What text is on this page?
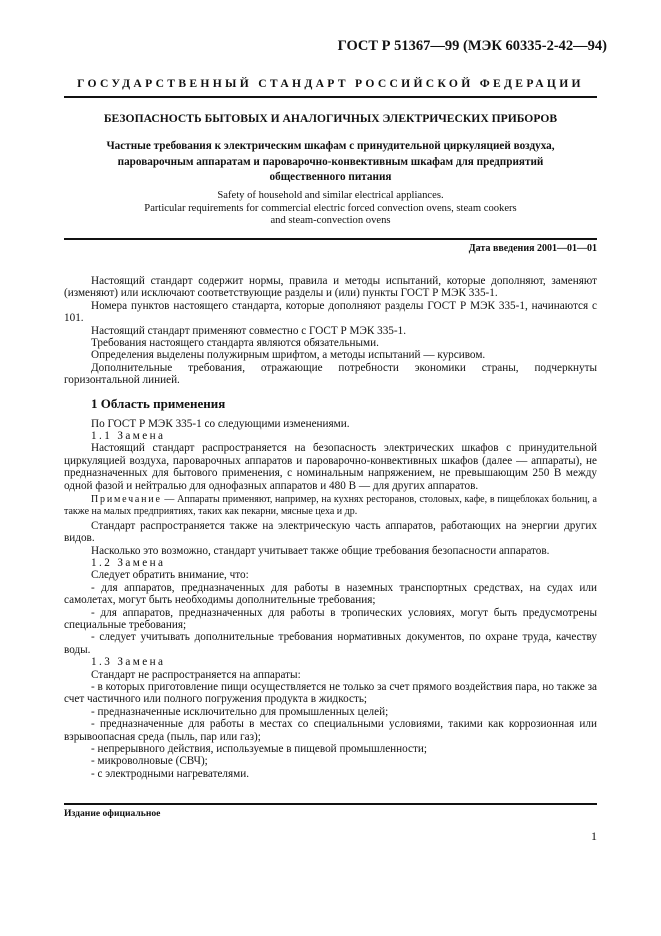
ГОСТ Р 51367—99 (МЭК 60335-2-42—94)
ГОСУДАРСТВЕННЫЙ СТАНДАРТ РОССИЙСКОЙ ФЕДЕРАЦИИ
БЕЗОПАСНОСТЬ БЫТОВЫХ И АНАЛОГИЧНЫХ ЭЛЕКТРИЧЕСКИХ ПРИБОРОВ
Частные требования к электрическим шкафам с принудительной циркуляцией воздуха, пароварочным аппаратам и пароварочно-конвективным шкафам для предприятий общественного питания
Safety of household and similar electrical appliances.
Particular requirements for commercial electric forced convection ovens, steam cookers
and steam-convection ovens
Дата введения 2001—01—01

Настоящий стандарт содержит нормы, правила и методы испытаний, которые дополняют, заменяют (изменяют) или исключают соответствующие разделы и (или) пункты ГОСТ Р МЭК 335-1.

Номера пунктов настоящего стандарта, которые дополняют разделы ГОСТ Р МЭК 335-1, начинаются с 101.

Настоящий стандарт применяют совместно с ГОСТ Р МЭК 335-1.

Требования настоящего стандарта являются обязательными.

Определения выделены полужирным шрифтом, а методы испытаний — курсивом.

Дополнительные требования, отражающие потребности экономики страны, подчеркнуты горизонтальной линией.

1 Область применения

По ГОСТ Р МЭК 335-1 со следующими изменениями.

1.1 Замена

Настоящий стандарт распространяется на безопасность электрических шкафов с принудительной циркуляцией воздуха, пароварочных аппаратов и пароварочно-конвективных шкафов (далее — аппараты), не предназначенных для бытового применения, с номинальным напряжением, не превышающим 250 В между одной фазой и нейтралью для однофазных аппаратов и 480 В — для других аппаратов.

Примечание — Аппараты применяют, например, на кухнях ресторанов, столовых, кафе, в пищеблоках больниц, а также на малых предприятиях, таких как пекарни, мясные цеха и др.

Стандарт распространяется также на электрическую часть аппаратов, работающих на энергии других видов.

Насколько это возможно, стандарт учитывает также общие требования безопасности аппаратов.

1.2 Замена

Следует обратить внимание, что:

- для аппаратов, предназначенных для работы в наземных транспортных средствах, на судах или самолетах, могут быть необходимы дополнительные требования;

- для аппаратов, предназначенных для работы в тропических условиях, могут быть предусмотрены специальные требования;

- следует учитывать дополнительные требования нормативных документов, по охране труда, качеству воды.

1.3 Замена

Стандарт не распространяется на аппараты:

- в которых приготовление пищи осуществляется не только за счет прямого воздействия пара, но также за счет частичного или полного погружения продукта в жидкость;

- предназначенные исключительно для промышленных целей;

- предназначенные для работы в местах со специальными условиями, такими как коррозионная или взрывоопасная среда (пыль, пар или газ);

- непрерывного действия, используемые в пищевой промышленности;

- микроволновые (СВЧ);

- с электродными нагревателями.

Издание официальное
1
